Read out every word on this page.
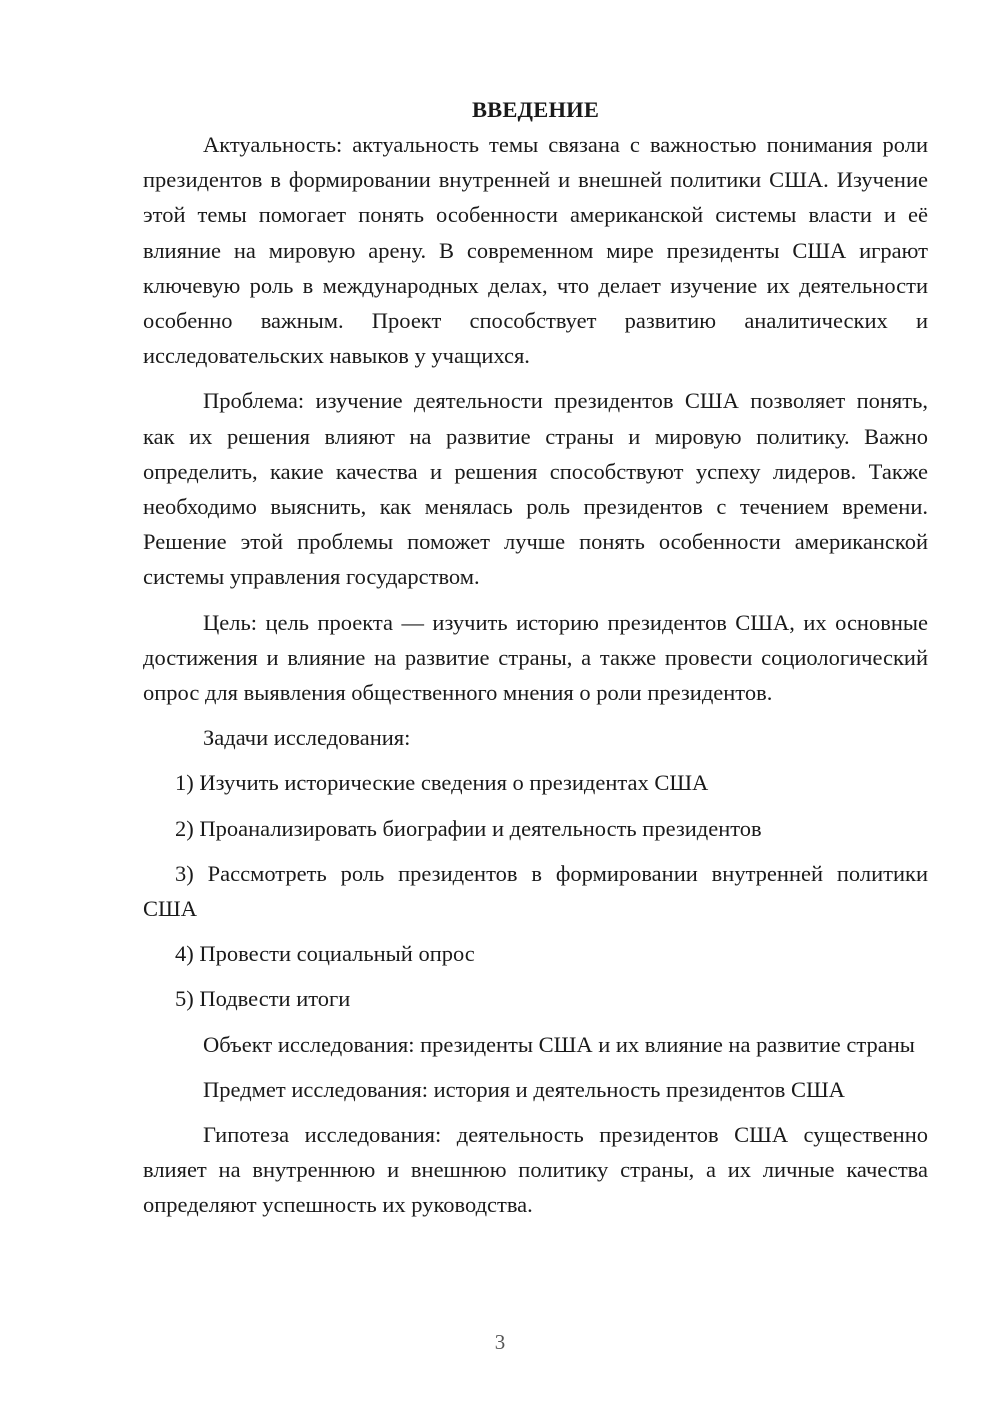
ВВЕДЕНИЕ

Актуальность: актуальность темы связана с важностью понимания роли президентов в формировании внутренней и внешней политики США. Изучение этой темы помогает понять особенности американской системы власти и её влияние на мировую арену. В современном мире президенты США играют ключевую роль в международных делах, что делает изучение их деятельности особенно важным. Проект способствует развитию аналитических и исследовательских навыков у учащихся.

Проблема: изучение деятельности президентов США позволяет понять, как их решения влияют на развитие страны и мировую политику. Важно определить, какие качества и решения способствуют успеху лидеров. Также необходимо выяснить, как менялась роль президентов с течением времени. Решение этой проблемы поможет лучше понять особенности американской системы управления государством.

Цель: цель проекта — изучить историю президентов США, их основные достижения и влияние на развитие страны, а также провести социологический опрос для выявления общественного мнения о роли президентов.

Задачи исследования:

1) Изучить исторические сведения о президентах США

2) Проанализировать биографии и деятельность президентов

3) Рассмотреть роль президентов в формировании внутренней политики США

4) Провести социальный опрос

5) Подвести итоги

Объект исследования: президенты США и их влияние на развитие страны

Предмет исследования: история и деятельность президентов США

Гипотеза исследования: деятельность президентов США существенно влияет на внутреннюю и внешнюю политику страны, а их личные качества определяют успешность их руководства.

3
